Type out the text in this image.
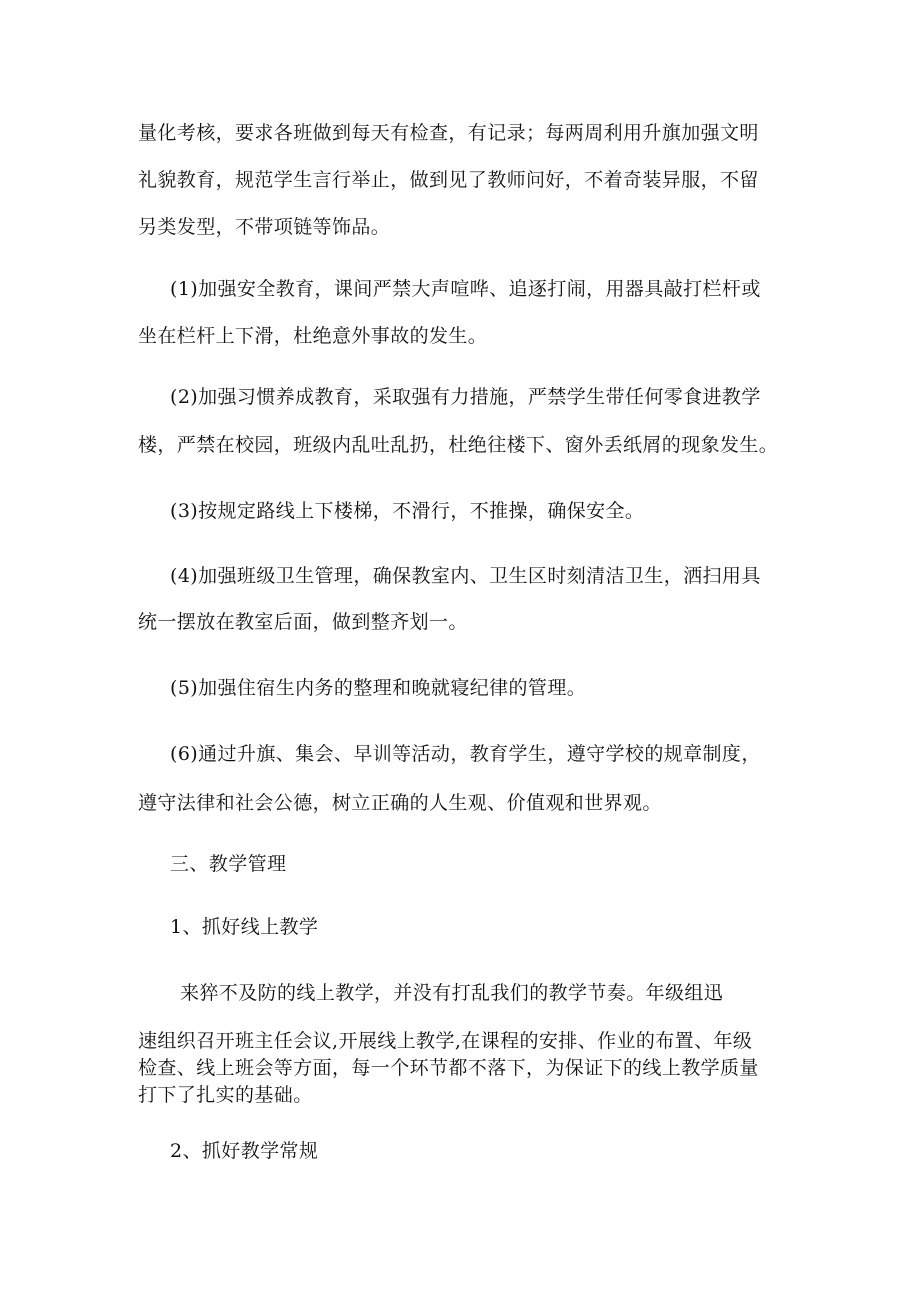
量化考核，要求各班做到每天有检查，有记录；每两周利用升旗加强文明
礼貌教育，规范学生言行举止，做到见了教师问好，不着奇装异服，不留
另类发型，不带项链等饰品。
(1)加强安全教育，课间严禁大声喧哗、追逐打闹，用器具敲打栏杆或
坐在栏杆上下滑，杜绝意外事故的发生。
(2)加强习惯养成教育，采取强有力措施，严禁学生带任何零食进教学
楼，严禁在校园，班级内乱吐乱扔，杜绝往楼下、窗外丢纸屑的现象发生。
(3)按规定路线上下楼梯，不滑行，不推操，确保安全。
(4)加强班级卫生管理，确保教室内、卫生区时刻清洁卫生，洒扫用具
统一摆放在教室后面，做到整齐划一。
(5)加强住宿生内务的整理和晚就寝纪律的管理。
(6)通过升旗、集会、早训等活动，教育学生，遵守学校的规章制度，
遵守法律和社会公德，树立正确的人生观、价值观和世界观。
三、教学管理
1、抓好线上教学
来猝不及防的线上教学，并没有打乱我们的教学节奏。年级组迅
速组织召开班主任会议,开展线上教学,在课程的安排、作业的布置、年级
检查、线上班会等方面，每一个环节都不落下，为保证下的线上教学质量
打下了扎实的基础。
2、抓好教学常规
